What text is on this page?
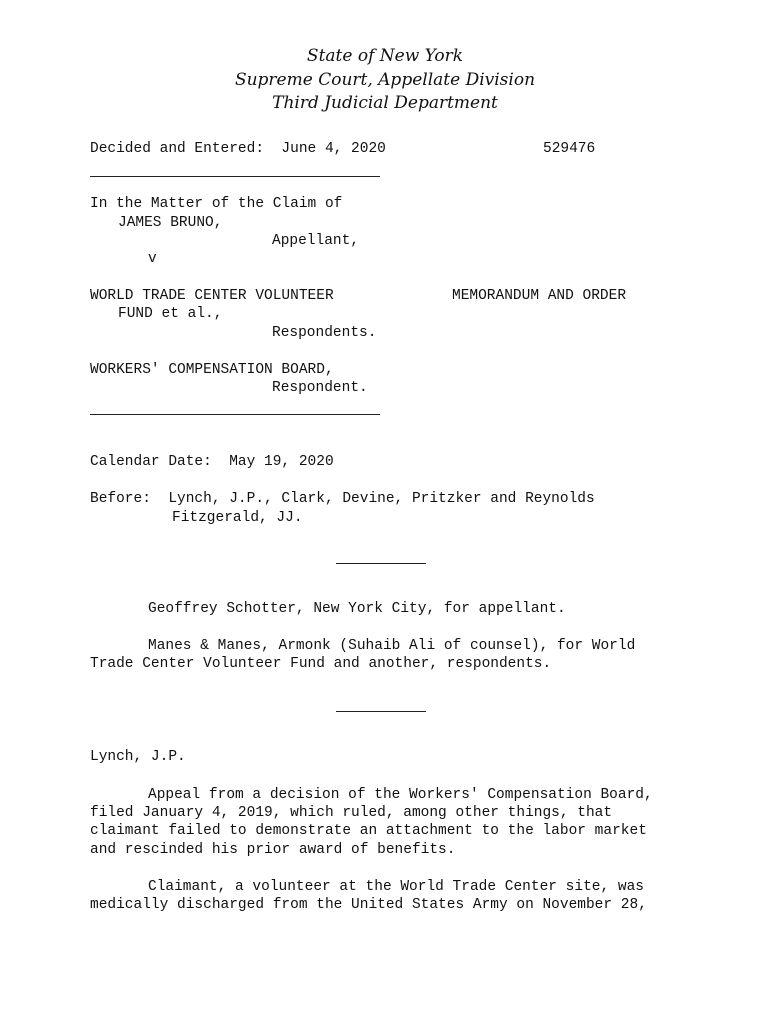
State of New York
Supreme Court, Appellate Division
Third Judicial Department
Decided and Entered:  June 4, 2020	529476
In the Matter of the Claim of
JAMES BRUNO,
Appellant,
v
WORLD TRADE CENTER VOLUNTEER	MEMORANDUM AND ORDER
FUND et al.,
Respondents.
WORKERS' COMPENSATION BOARD,
Respondent.
Calendar Date:  May 19, 2020
Before:  Lynch, J.P., Clark, Devine, Pritzker and Reynolds
Fitzgerald, JJ.
Geoffrey Schotter, New York City, for appellant.
Manes & Manes, Armonk (Suhaib Ali of counsel), for World
Trade Center Volunteer Fund and another, respondents.
Lynch, J.P.
Appeal from a decision of the Workers' Compensation Board,
filed January 4, 2019, which ruled, among other things, that
claimant failed to demonstrate an attachment to the labor market
and rescinded his prior award of benefits.
Claimant, a volunteer at the World Trade Center site, was
medically discharged from the United States Army on November 28,
